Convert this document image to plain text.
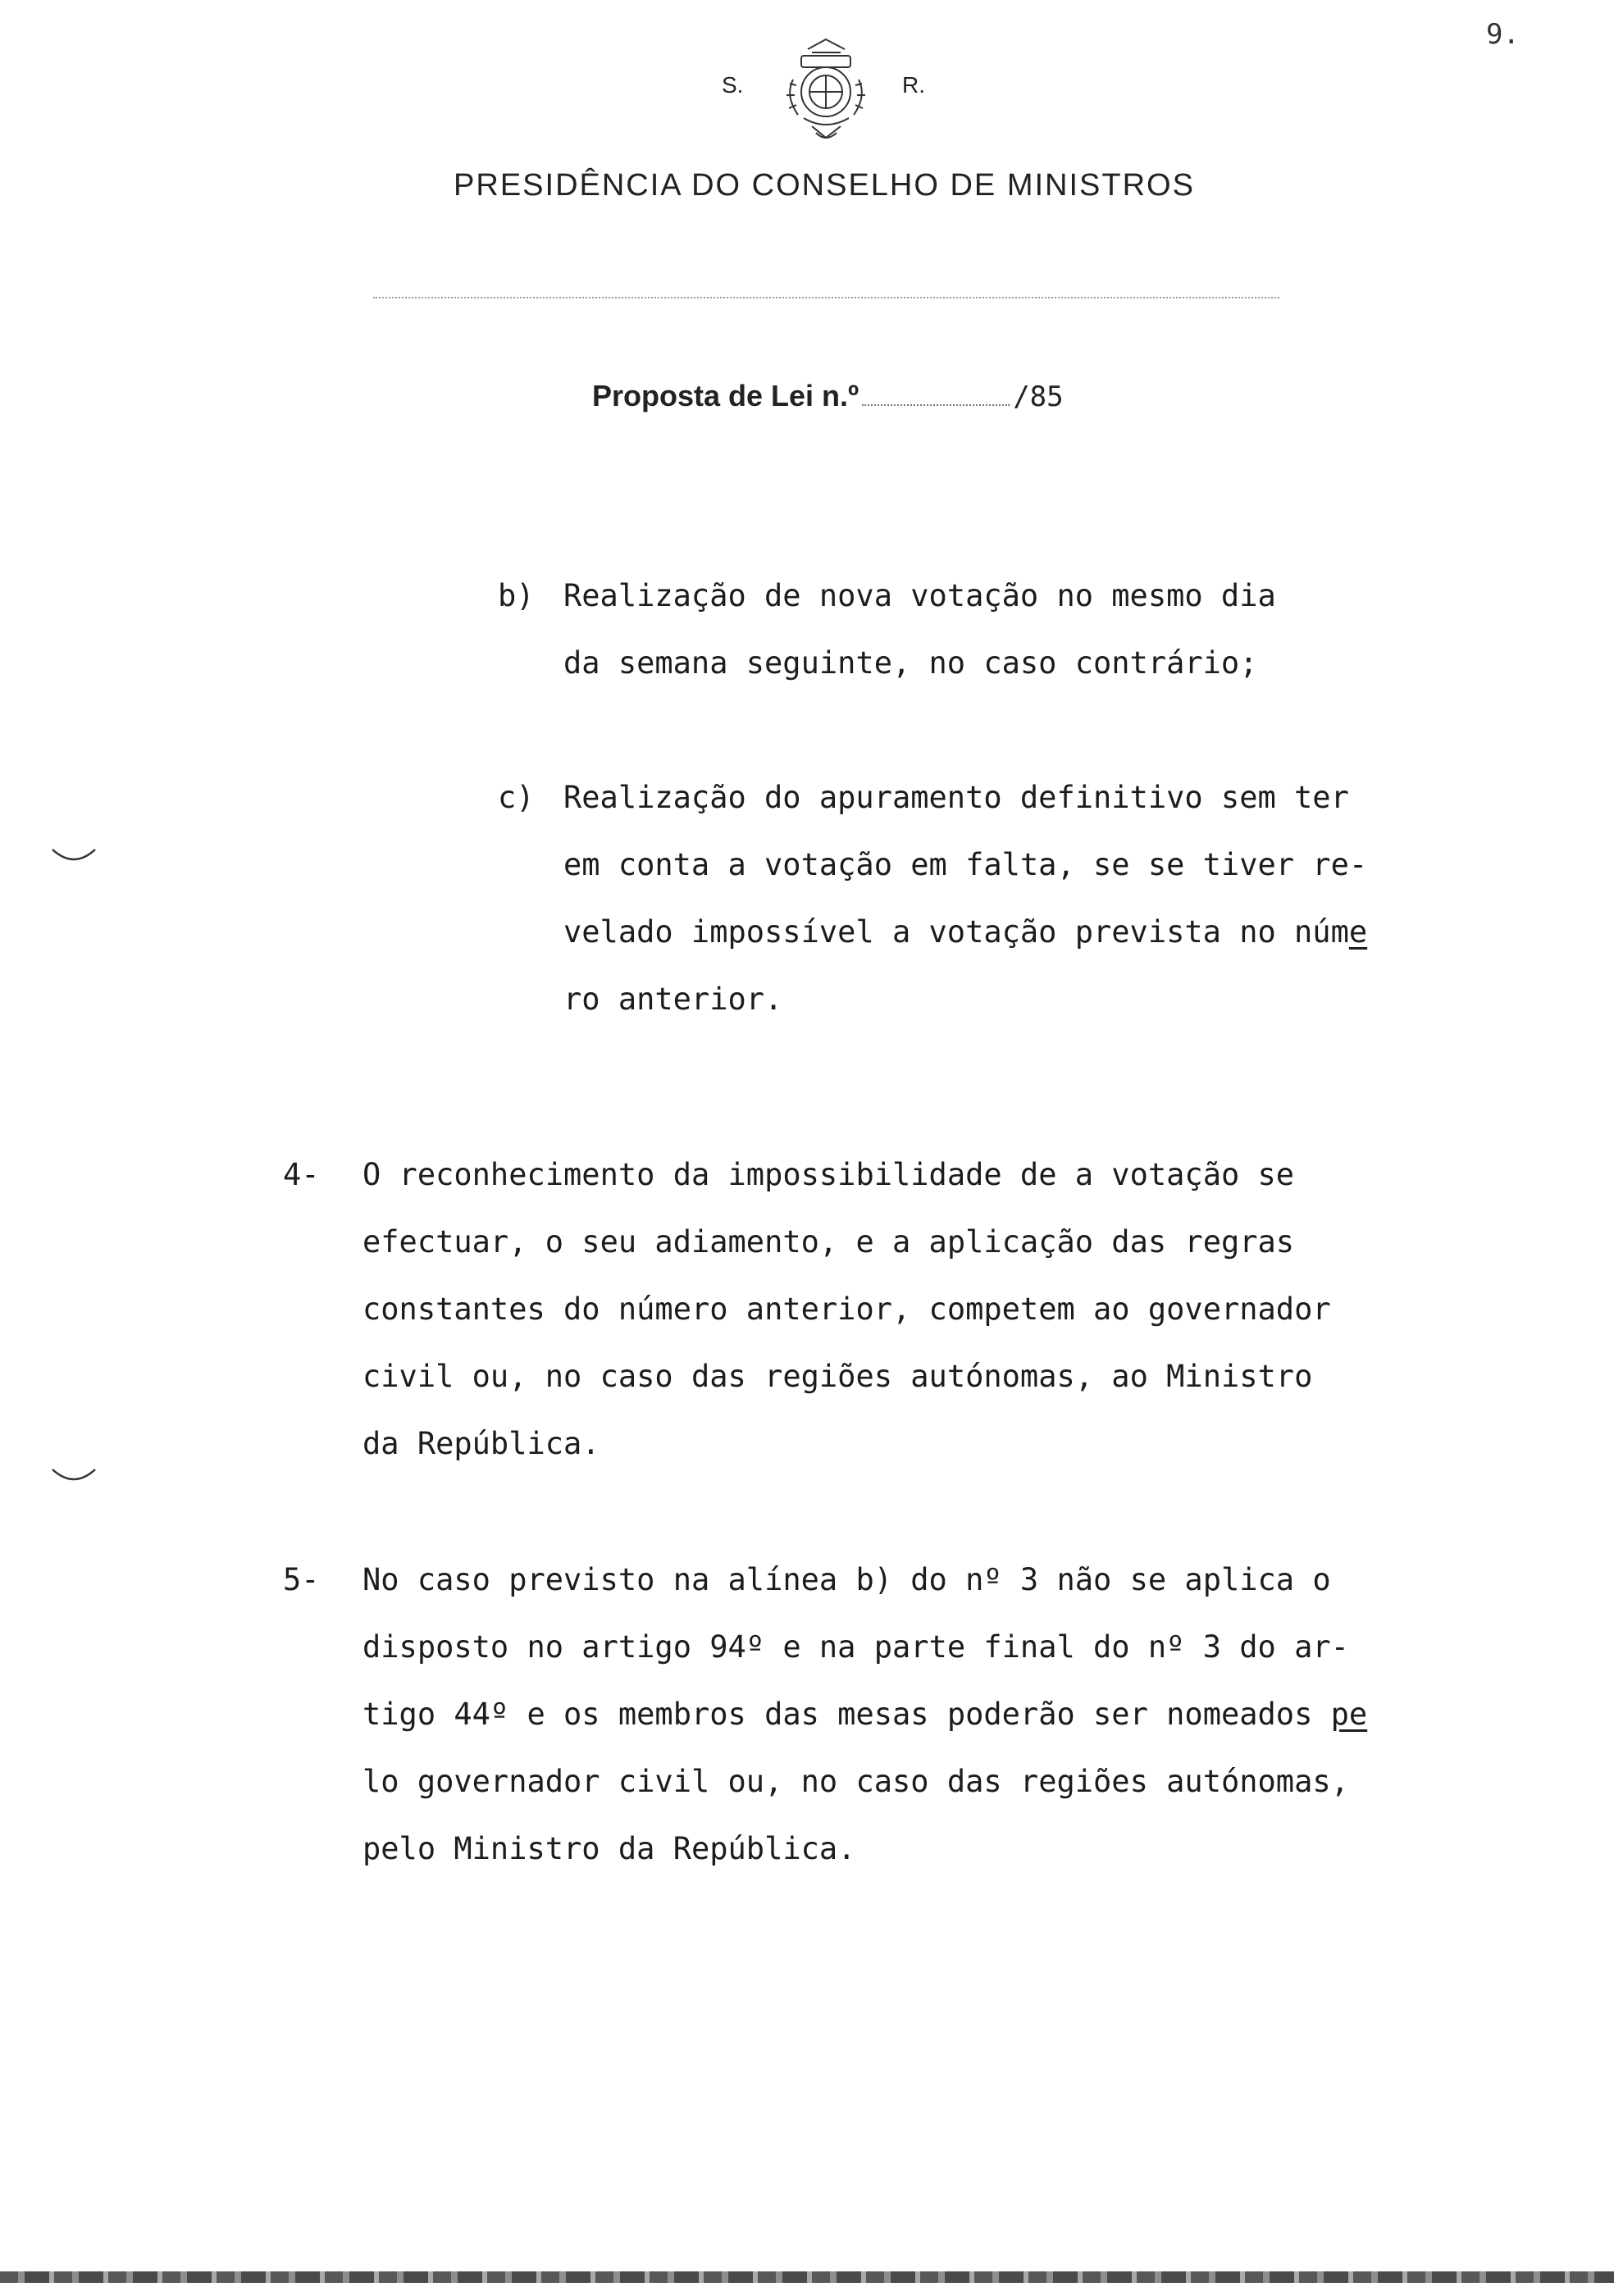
9.
S.	R.
PRESIDÊNCIA DO CONSELHO DE MINISTROS
Proposta de Lei n.º	/85
b) Realização de nova votação no mesmo dia
da semana seguinte, no caso contrário;
c) Realização do apuramento definitivo sem ter
em conta a votação em falta, se se tiver re-
velado impossível a votação prevista no núme
ro anterior.
4- O reconhecimento da impossibilidade de a votação se
efectuar, o seu adiamento, e a aplicação das regras
constantes do número anterior, competem ao governador
civil ou, no caso das regiões autónomas, ao Ministro
da República.
5- No caso previsto na alínea b) do nº 3 não se aplica o
disposto no artigo 94º e na parte final do nº 3 do ar-
tigo 44º e os membros das mesas poderão ser nomeados pe
lo governador civil ou, no caso das regiões autónomas,
pelo Ministro da República.
